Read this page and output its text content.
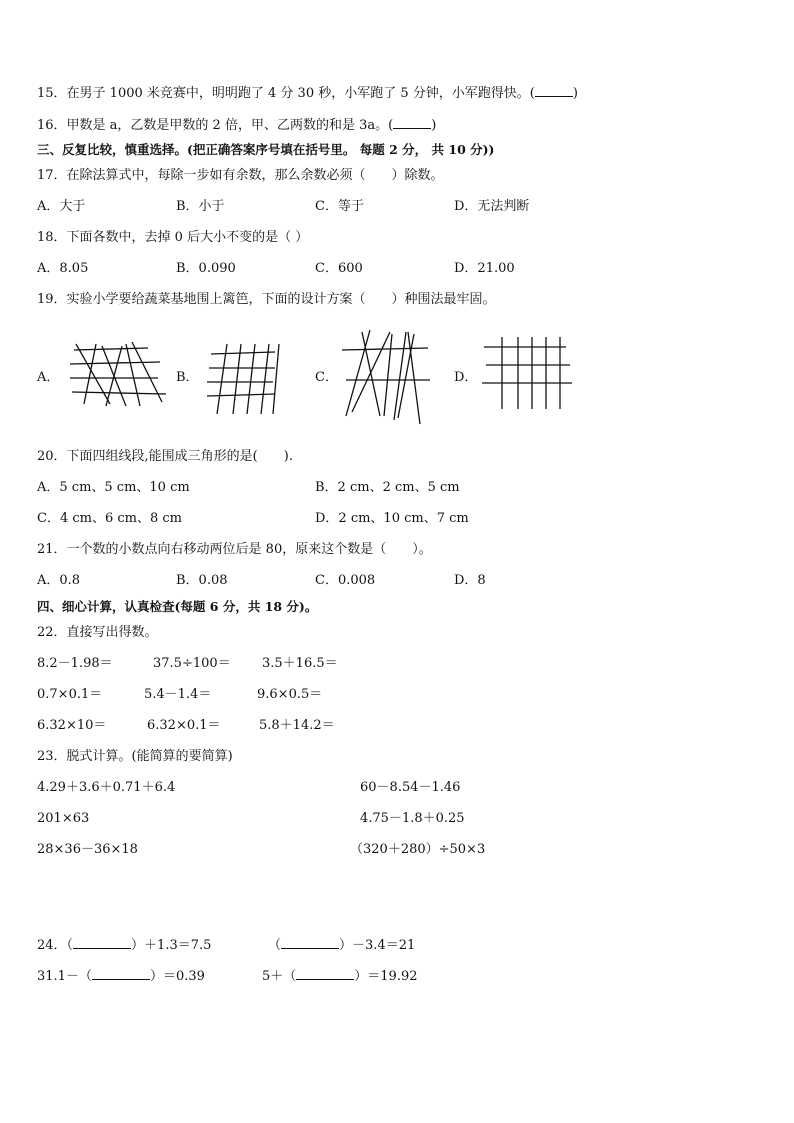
15．在男子 1000 米竞赛中，明明跑了 4 分 30 秒，小军跑了 5 分钟，小军跑得快。(	)
16．甲数是 a，乙数是甲数的 2 倍，甲、乙两数的和是 3a。(	)
三、反复比较，慎重选择。(把正确答案序号填在括号里。 每题 2 分， 共 10 分))
17．在除法算式中，每除一步如有余数，那么余数必须（　　）除数。
A．大于	B．小于	C．等于	D．无法判断
18．下面各数中，去掉 0 后大小不变的是（ ）
A．8.05	B．0.090	C．600	D．21.00
19．实验小学要给蔬菜基地围上篱笆，下面的设计方案（　　）种围法最牢固。
A．	B．	C．	D．
20．下面四组线段,能围成三角形的是(　　).
A．5 cm、5 cm、10 cm	B．2 cm、2 cm、5 cm
C．4 cm、6 cm、8 cm	D．2 cm、10 cm、7 cm
21．一个数的小数点向右移动两位后是 80，原来这个数是（　　）。
A．0.8	B．0.08	C．0.008	D．8
四、细心计算，认真检查(每题 6 分，共 18 分)。
22．直接写出得数。
8.2－1.98＝	37.5÷100＝ 3.5＋16.5＝
0.7×0.1＝	5.4－1.4＝	9.6×0.5＝
6.32×10＝	6.32×0.1＝	5.8＋14.2＝
23．脱式计算。(能简算的要简算)
4.29＋3.6＋0.71＋6.4	60－8.54－1.46
201×63	4.75－1.8＋0.25
28×36－36×18	（320＋280）÷50×3
24．（	）＋1.3＝7.5	（	）－3.4＝21
31.1－（	）＝0.39	5＋（	）＝19.92
